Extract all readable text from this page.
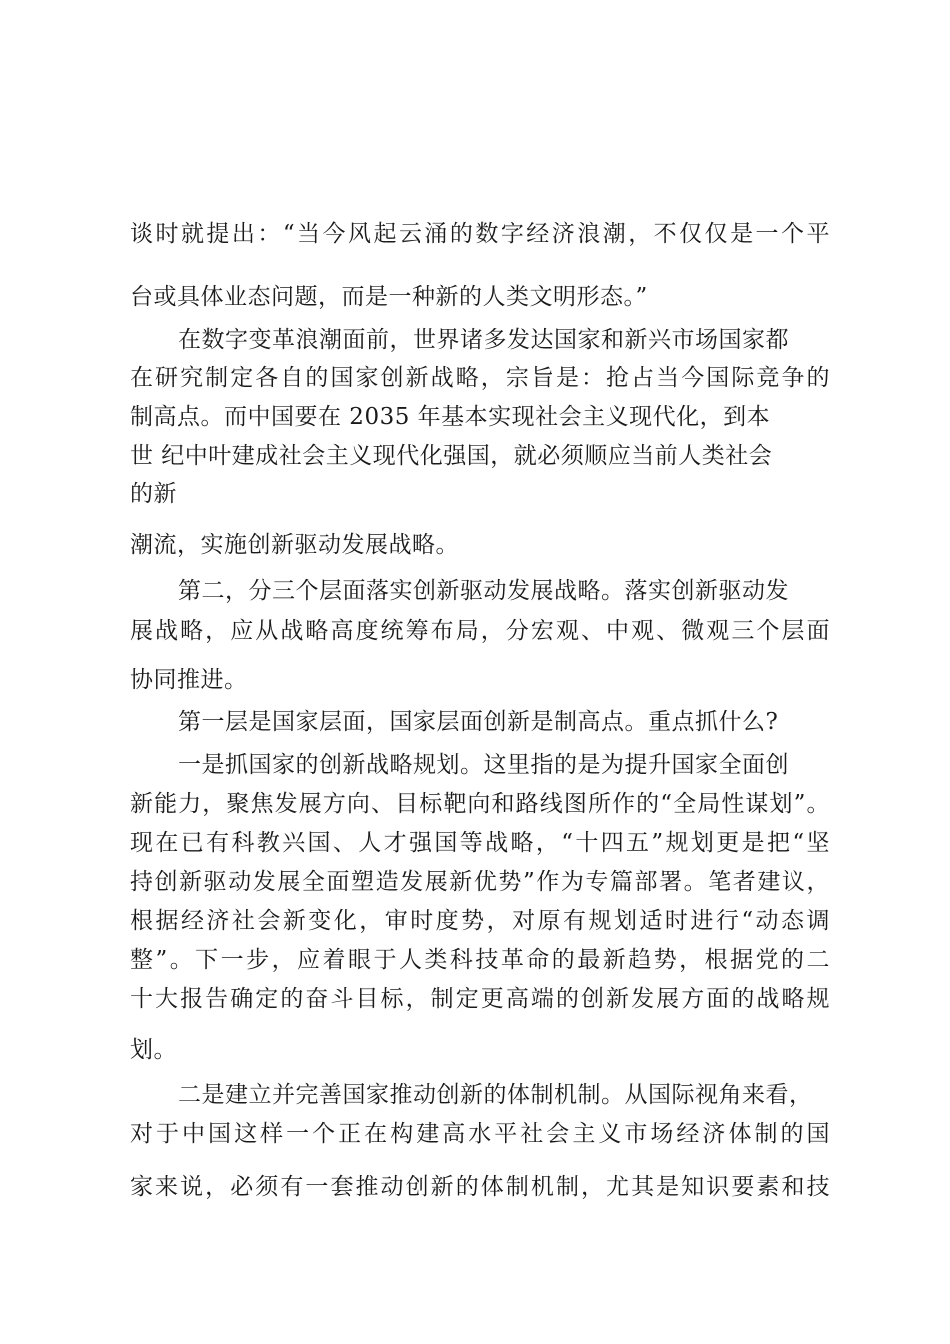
谈时就提出：“当今风起云涌的数字经济浪潮，不仅仅是一个平
台或具体业态问题，而是一种新的人类文明形态。”
在数字变革浪潮面前，世界诸多发达国家和新兴市场国家都
在研究制定各自的国家创新战略，宗旨是：抢占当今国际竞争的
制高点。而中国要在 2035 年基本实现社会主义现代化，到本
世 纪中叶建成社会主义现代化强国，就必须顺应当前人类社会
的新
潮流，实施创新驱动发展战略。
第二，分三个层面落实创新驱动发展战略。落实创新驱动发
展战略，应从战略高度统筹布局，分宏观、中观、微观三个层面
协同推进。
第一层是国家层面，国家层面创新是制高点。重点抓什么?
一是抓国家的创新战略规划。这里指的是为提升国家全面创
新能力，聚焦发展方向、目标靶向和路线图所作的“全局性谋划”。
现在已有科教兴国、人才强国等战略，“十四五”规划更是把“坚
持创新驱动发展全面塑造发展新优势”作为专篇部署。笔者建议，
根据经济社会新变化，审时度势，对原有规划适时进行“动态调
整”。下一步，应着眼于人类科技革命的最新趋势，根据党的二
十大报告确定的奋斗目标，制定更高端的创新发展方面的战略规
划。
二是建立并完善国家推动创新的体制机制。从国际视角来看，
对于中国这样一个正在构建高水平社会主义市场经济体制的国
家来说，必须有一套推动创新的体制机制，尤其是知识要素和技
